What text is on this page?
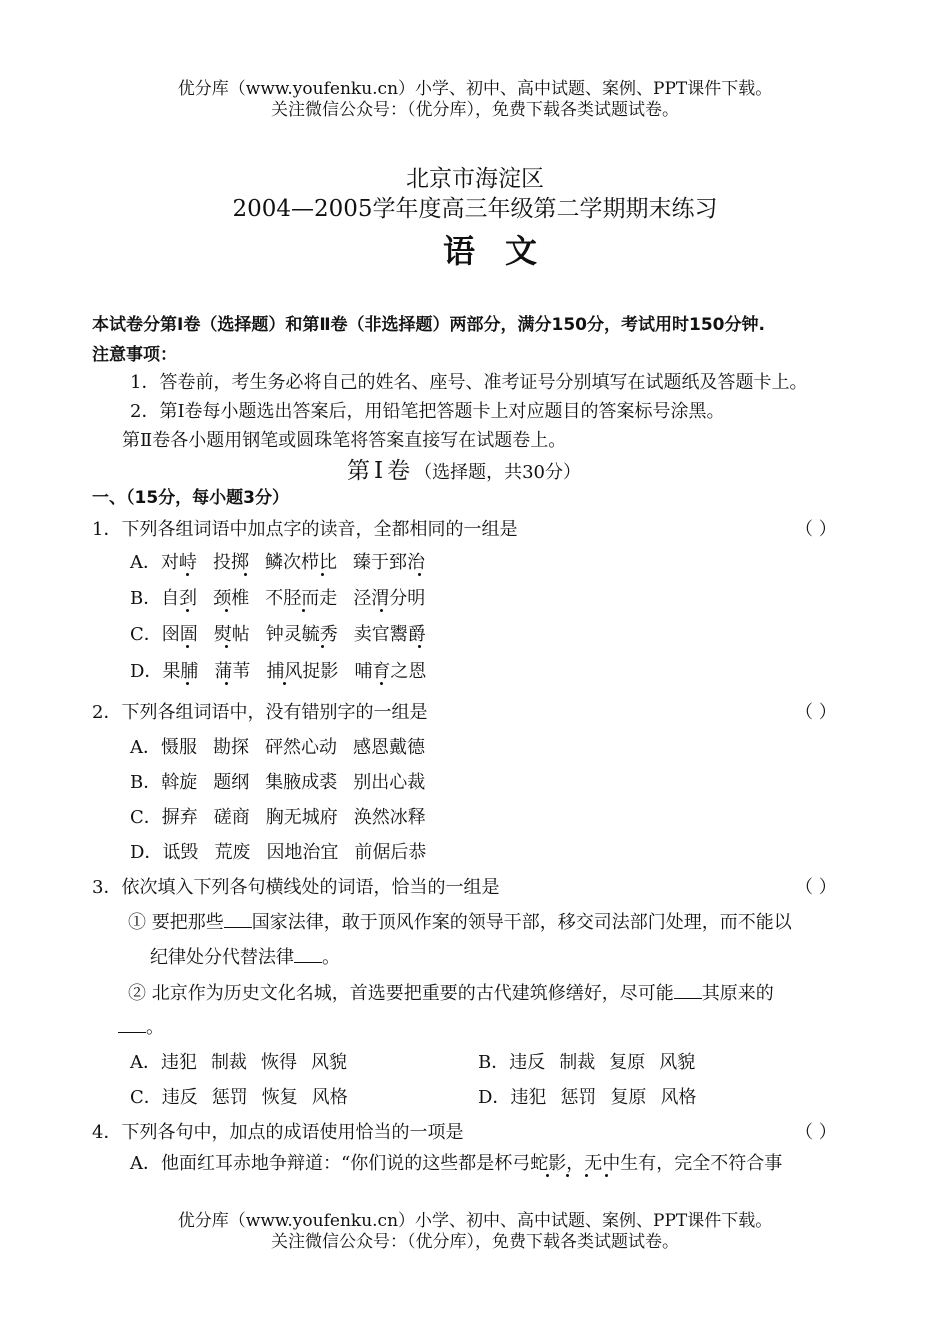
优分库（www.youfenku.cn）小学、初中、高中试题、案例、PPT课件下载。
关注微信公众号：（优分库），免费下载各类试题试卷。
北京市海淀区
2004—2005学年度高三年级第二学期期末练习
语文
本试卷分第Ⅰ卷（选择题）和第Ⅱ卷（非选择题）两部分，满分150分，考试用时150分钟.
注意事项：
1．答卷前，考生务必将自己的姓名、座号、准考证号分别填写在试题纸及答题卡上。
2．第Ⅰ卷每小题选出答案后，用铅笔把答题卡上对应题目的答案标号涂黑。
第Ⅱ卷各小题用钢笔或圆珠笔将答案直接写在试题卷上。
第Ⅰ卷（选择题，共30分）
一、（15分，每小题3分）
1．下列各组词语中加点字的读音，全都相同的一组是	（ ）
A．对峙 投掷 鳞次栉比 臻于郅治
B．自刭 颈椎 不胫而走 泾渭分明
C．囹圄 熨帖 钟灵毓秀 卖官鬻爵
D．果脯 蒲苇 捕风捉影 哺育之恩
2．下列各组词语中，没有错别字的一组是	（ ）
A．慑服 勘探 砰然心动 感恩戴德
B．斡旋 题纲 集腋成裘 别出心裁
C．摒弃 磋商 胸无城府 涣然冰释
D．诋毁 荒废 因地治宜 前倨后恭
3．依次填入下列各句横线处的词语，恰当的一组是	（ ）
① 要把那些 国家法律，敢于顶风作案的领导干部，移交司法部门处理，而不能以
纪律处分代替法律 。
② 北京作为历史文化名城，首选要把重要的古代建筑修缮好，尽可能 其原来的
。
A．违犯 制裁 恢得 风貌	B．违反 制裁 复原 风貌
C．违反 惩罚 恢复 风格	D．违犯 惩罚 复原 风格
4．下列各句中，加点的成语使用恰当的一项是	（ ）
A．他面红耳赤地争辩道：“你们说的这些都是杯弓蛇影，无中生有，完全不符合事
优分库（www.youfenku.cn）小学、初中、高中试题、案例、PPT课件下载。
关注微信公众号：（优分库），免费下载各类试题试卷。
